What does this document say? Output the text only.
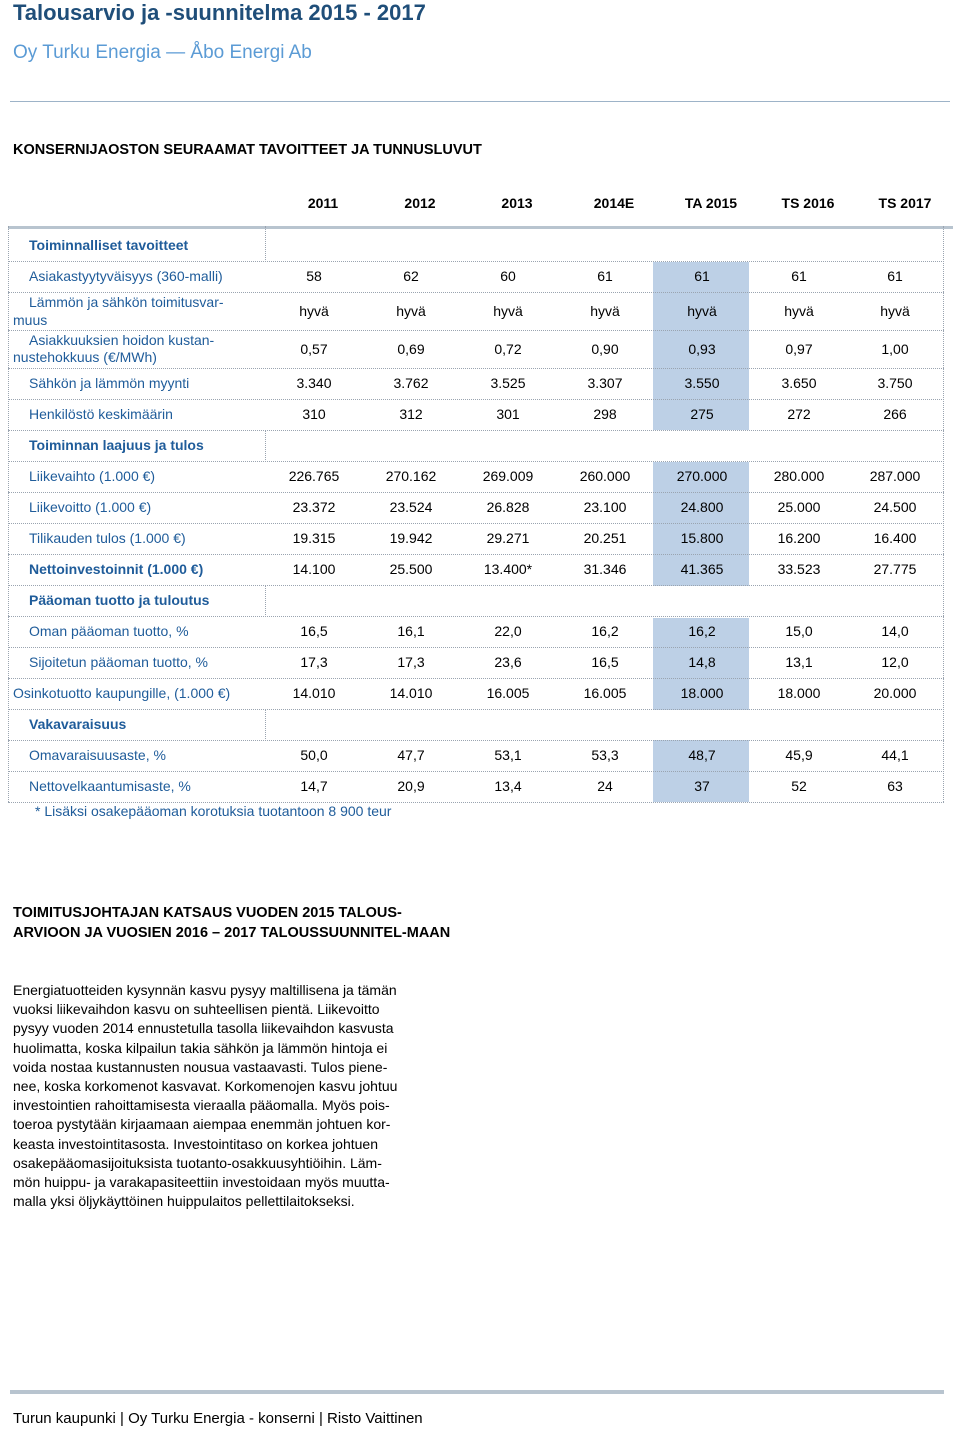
Talousarvio ja -suunnitelma 2015 - 2017
Oy Turku Energia — Åbo Energi Ab
KONSERNIJAOSTON SEURAAMAT TAVOITTEET JA TUNNUSLUVUT
2011	2012	2013	2014E	TA 2015	TS 2016	TS 2017
Toiminnalliset tavoitteet
Asiakastyytyväisyys (360-malli)	58	62	60	61	61	61	61
Lämmön ja sähkön toimitusvar-
muus
hyvä	hyvä	hyvä	hyvä	hyvä	hyvä	hyvä
Asiakkuuksien hoidon kustan-
nustehokkuus (€/MWh)	0,57	0,69	0,72	0,90	0,93	0,97	1,00
Sähkön ja lämmön myynti	3.340	3.762	3.525	3.307	3.550	3.650	3.750
Henkilöstö keskimäärin	310	312	301	298	275	272	266
Toiminnan laajuus ja tulos
Liikevaihto (1.000 €)	226.765	270.162	269.009	260.000	270.000	280.000	287.000
Liikevoitto (1.000 €)	23.372	23.524	26.828	23.100	24.800	25.000	24.500
Tilikauden tulos (1.000 €)	19.315	19.942	29.271	20.251	15.800	16.200	16.400
Nettoinvestoinnit (1.000 €)	14.100	25.500	13.400*	31.346	41.365	33.523	27.775
Pääoman tuotto ja tuloutus
Oman pääoman tuotto, %	16,5	16,1	22,0	16,2	16,2	15,0	14,0
Sijoitetun pääoman tuotto, %	17,3	17,3	23,6	16,5	14,8	13,1	12,0
Osinkotuotto kaupungille, (1.000 €)	14.010	14.010	16.005	16.005	18.000	18.000	20.000
Vakavaraisuus
Omavaraisuusaste, %	50,0	47,7	53,1	53,3	48,7	45,9	44,1
Nettovelkaantumisaste, %	14,7	20,9	13,4	24	37	52	63
* Lisäksi osakepääoman korotuksia tuotantoon 8 900 teur
TOIMITUSJOHTAJAN KATSAUS VUODEN 2015 TALOUS-ARVIOON JA VUOSIEN 2016 – 2017 TALOUSSUUNNITEL-MAAN
Energiatuotteiden kysynnän kasvu pysyy maltillisena ja tämän
vuoksi liikevaihdon kasvu on suhteellisen pientä. Liikevoitto
pysyy vuoden 2014 ennustetulla tasolla liikevaihdon kasvusta
huolimatta, koska kilpailun takia sähkön ja lämmön hintoja ei
voida nostaa kustannusten nousua vastaavasti. Tulos piene-
nee, koska korkomenot kasvavat. Korkomenojen kasvu johtuu
investointien rahoittamisesta vieraalla pääomalla. Myös pois-
toeroa pystytään kirjaamaan aiempaa enemmän johtuen kor-
keasta investointitasosta. Investointitaso on korkea johtuen
osakepääomasijoituksista tuotanto-osakkuusyhtiöihin. Läm-
mön huippu- ja varakapasiteettiin investoidaan myös muutta-
malla yksi öljykäyttöinen huippulaitos pellettilaitokseksi.
Turun kaupunki | Oy Turku Energia - konserni | Risto Vaittinen
